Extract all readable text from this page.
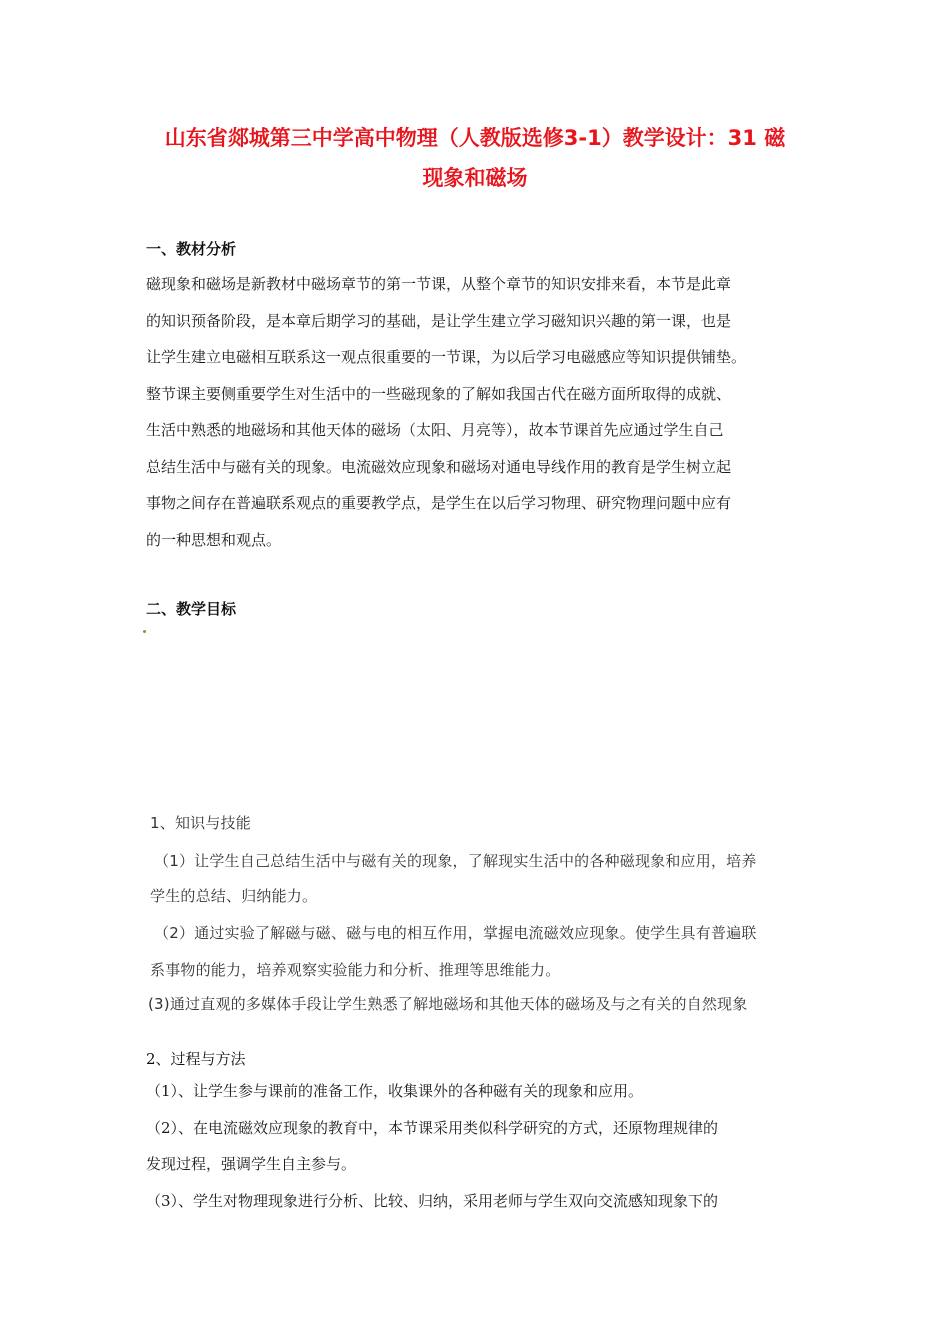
山东省郯城第三中学高中物理（人教版选修3-1）教学设计：31 磁
现象和磁场
一、教材分析
磁现象和磁场是新教材中磁场章节的第一节课，从整个章节的知识安排来看，本节是此章
的知识预备阶段，是本章后期学习的基础，是让学生建立学习磁知识兴趣的第一课，也是
让学生建立电磁相互联系这一观点很重要的一节课，为以后学习电磁感应等知识提供铺垫。
整节课主要侧重要学生对生活中的一些磁现象的了解如我国古代在磁方面所取得的成就、
生活中熟悉的地磁场和其他天体的磁场（太阳、月亮等），故本节课首先应通过学生自己
总结生活中与磁有关的现象。电流磁效应现象和磁场对通电导线作用的教育是学生树立起
事物之间存在普遍联系观点的重要教学点，是学生在以后学习物理、研究物理问题中应有
的一种思想和观点。
二、教学目标
1、知识与技能
（1）让学生自己总结生活中与磁有关的现象，了解现实生活中的各种磁现象和应用，培养
学生的总结、归纳能力。
（2）通过实验了解磁与磁、磁与电的相互作用，掌握电流磁效应现象。使学生具有普遍联
系事物的能力，培养观察实验能力和分析、推理等思维能力。
(3)通过直观的多媒体手段让学生熟悉了解地磁场和其他天体的磁场及与之有关的自然现象
2、过程与方法
（1）、让学生参与课前的准备工作，收集课外的各种磁有关的现象和应用。
（2）、在电流磁效应现象的教育中，本节课采用类似科学研究的方式，还原物理规律的
发现过程，强调学生自主参与。
（3）、学生对物理现象进行分析、比较、归纳，采用老师与学生双向交流感知现象下的
